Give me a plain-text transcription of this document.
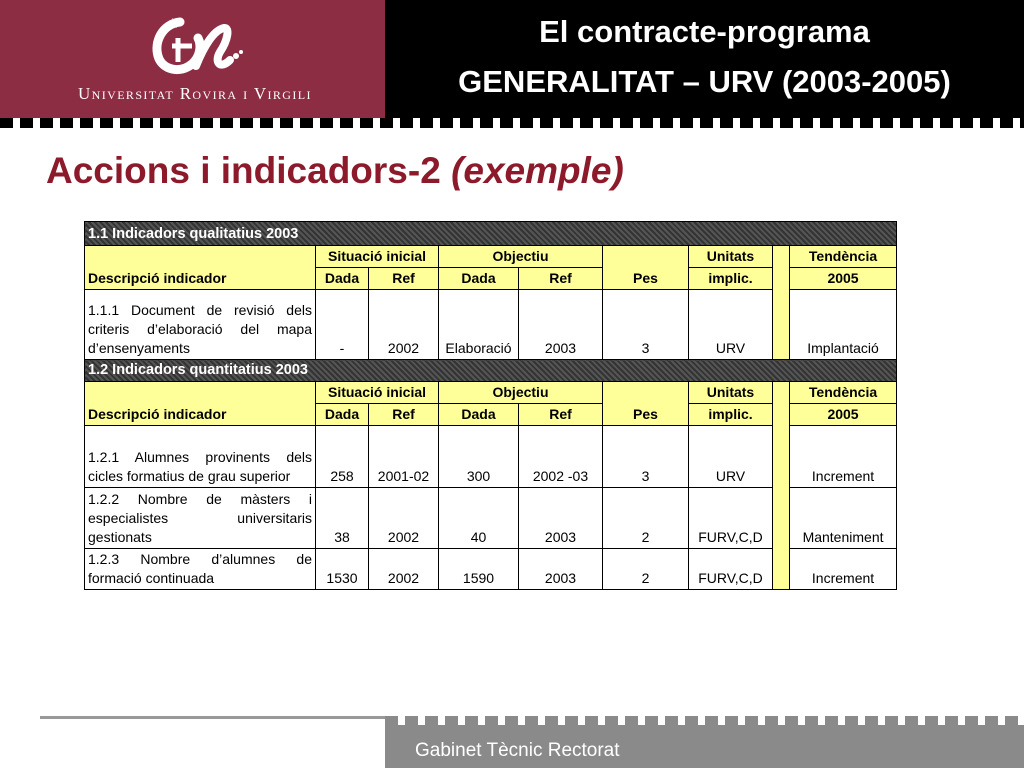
Universitat Rovira i Virgili
El contracte-programa
GENERALITAT – URV (2003-2005)
Accions i indicadors-2 (exemple)
1.1 Indicadors qualitatius 2003								
Descripció indicador	Situació inicial		Objectiu		Pes	Unitats		Tendència
	Dada	Ref	Dada	Ref		implic.		2005
1.1.1 Document de revisió dels criteris d’elaboració del mapa d’ensenyaments	-	2002	Elaboració	2003	3	URV		Implantació
1.2 Indicadors quantitatius 2003								
Descripció indicador	Situació inicial		Objectiu		Pes	Unitats		Tendència
	Dada	Ref	Dada	Ref		implic.		2005
1.2.1 Alumnes provinents dels cicles formatius de grau superior	258	2001-02	300	2002 -03	3	URV		Increment
1.2.2 Nombre de màsters i especialistes universitaris gestionats	38	2002	40	2003	2	FURV,C,D		Manteniment
1.2.3 Nombre d’alumnes de formació continuada	1530	2002	1590	2003	2	FURV,C,D		Increment
Gabinet Tècnic Rectorat
